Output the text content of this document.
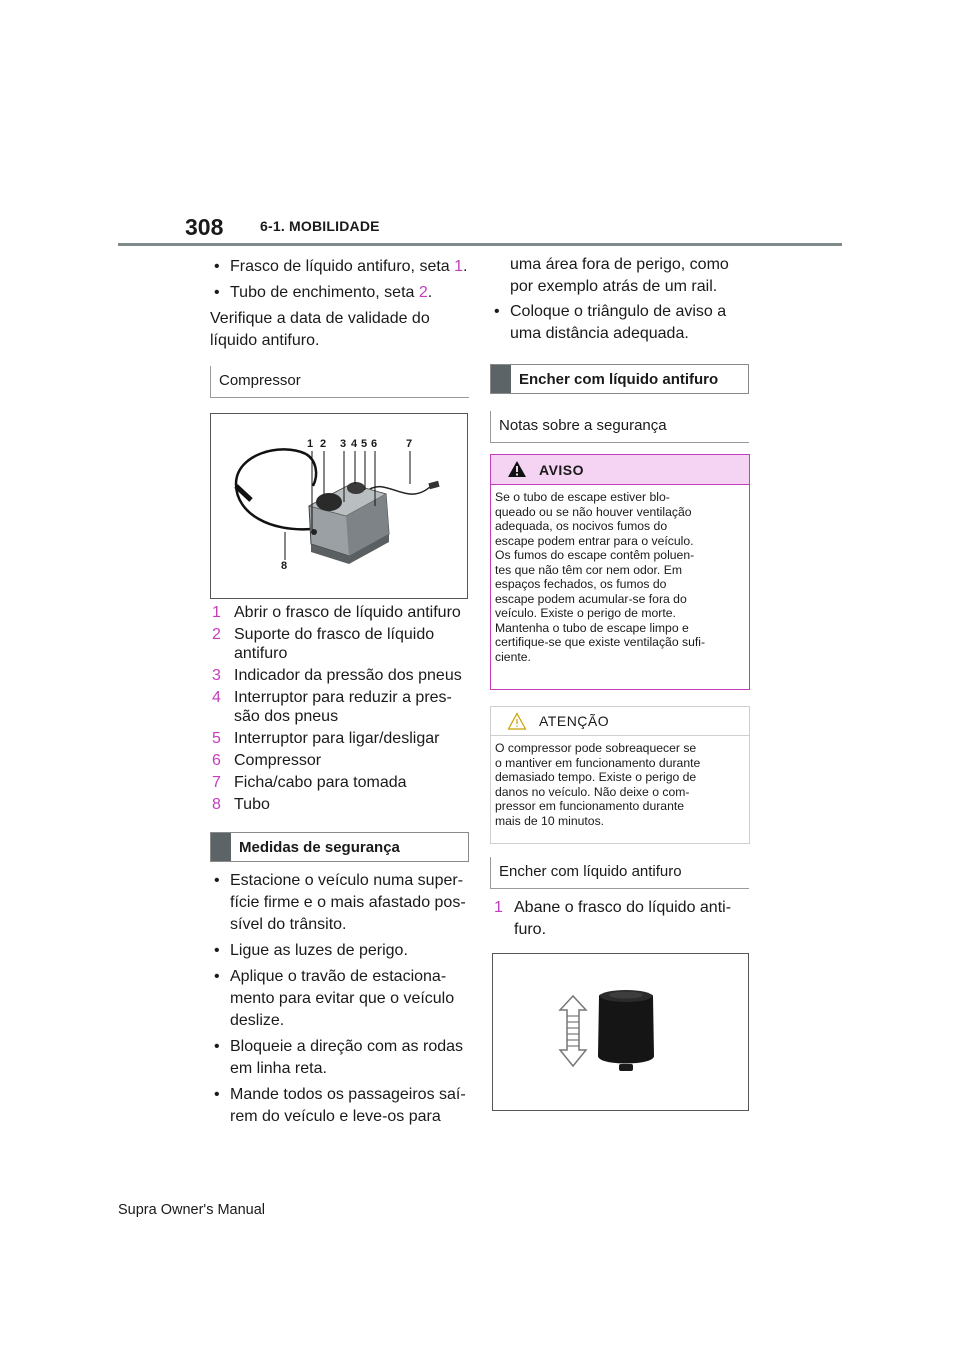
308	6-1. MOBILIDADE
• Frasco de líquido antifuro, seta 1.
• Tubo de enchimento, seta 2.

Verifique a data de validade do
líquido antifuro.

Compressor
1 2 3 4 5 6	7
8
1 Abrir o frasco de líquido antifuro
2 Suporte do frasco de líquido antifuro
3 Indicador da pressão dos pneus
4 Interruptor para reduzir a pres-são dos pneus
5 Interruptor para ligar/desligar
6 Compressor
7 Ficha/cabo para tomada
8 Tubo
Medidas de segurança
• Estacione o veículo numa super-fície firme e o mais afastado pos-sível do trânsito.
• Ligue as luzes de perigo.
• Aplique o travão de estaciona-mento para evitar que o veículo deslize.
• Bloqueie a direção com as rodas em linha reta.
• Mande todos os passageiros saí-rem do veículo e leve-os para

uma área fora de perigo, como por exemplo atrás de um rail.

• Coloque o triângulo de aviso a uma distância adequada.
Encher com líquido antifuro
Notas sobre a segurança
AVISO
Se o tubo de escape estiver blo-
queado ou se não houver ventilação
adequada, os nocivos fumos do
escape podem entrar para o veículo.
Os fumos do escape contêm poluen-
tes que não têm cor nem odor. Em
espaços fechados, os fumos do
escape podem acumular-se fora do
veículo. Existe o perigo de morte.
Mantenha o tubo de escape limpo e
certifique-se que existe ventilação sufi-
ciente.
ATENÇÃO
O compressor pode sobreaquecer se
o mantiver em funcionamento durante
demasiado tempo. Existe o perigo de
danos no veículo. Não deixe o com-
pressor em funcionamento durante
mais de 10 minutos.
Encher com líquido antifuro
1 Abane o frasco do líquido anti-furo.
Supra Owner's Manual
